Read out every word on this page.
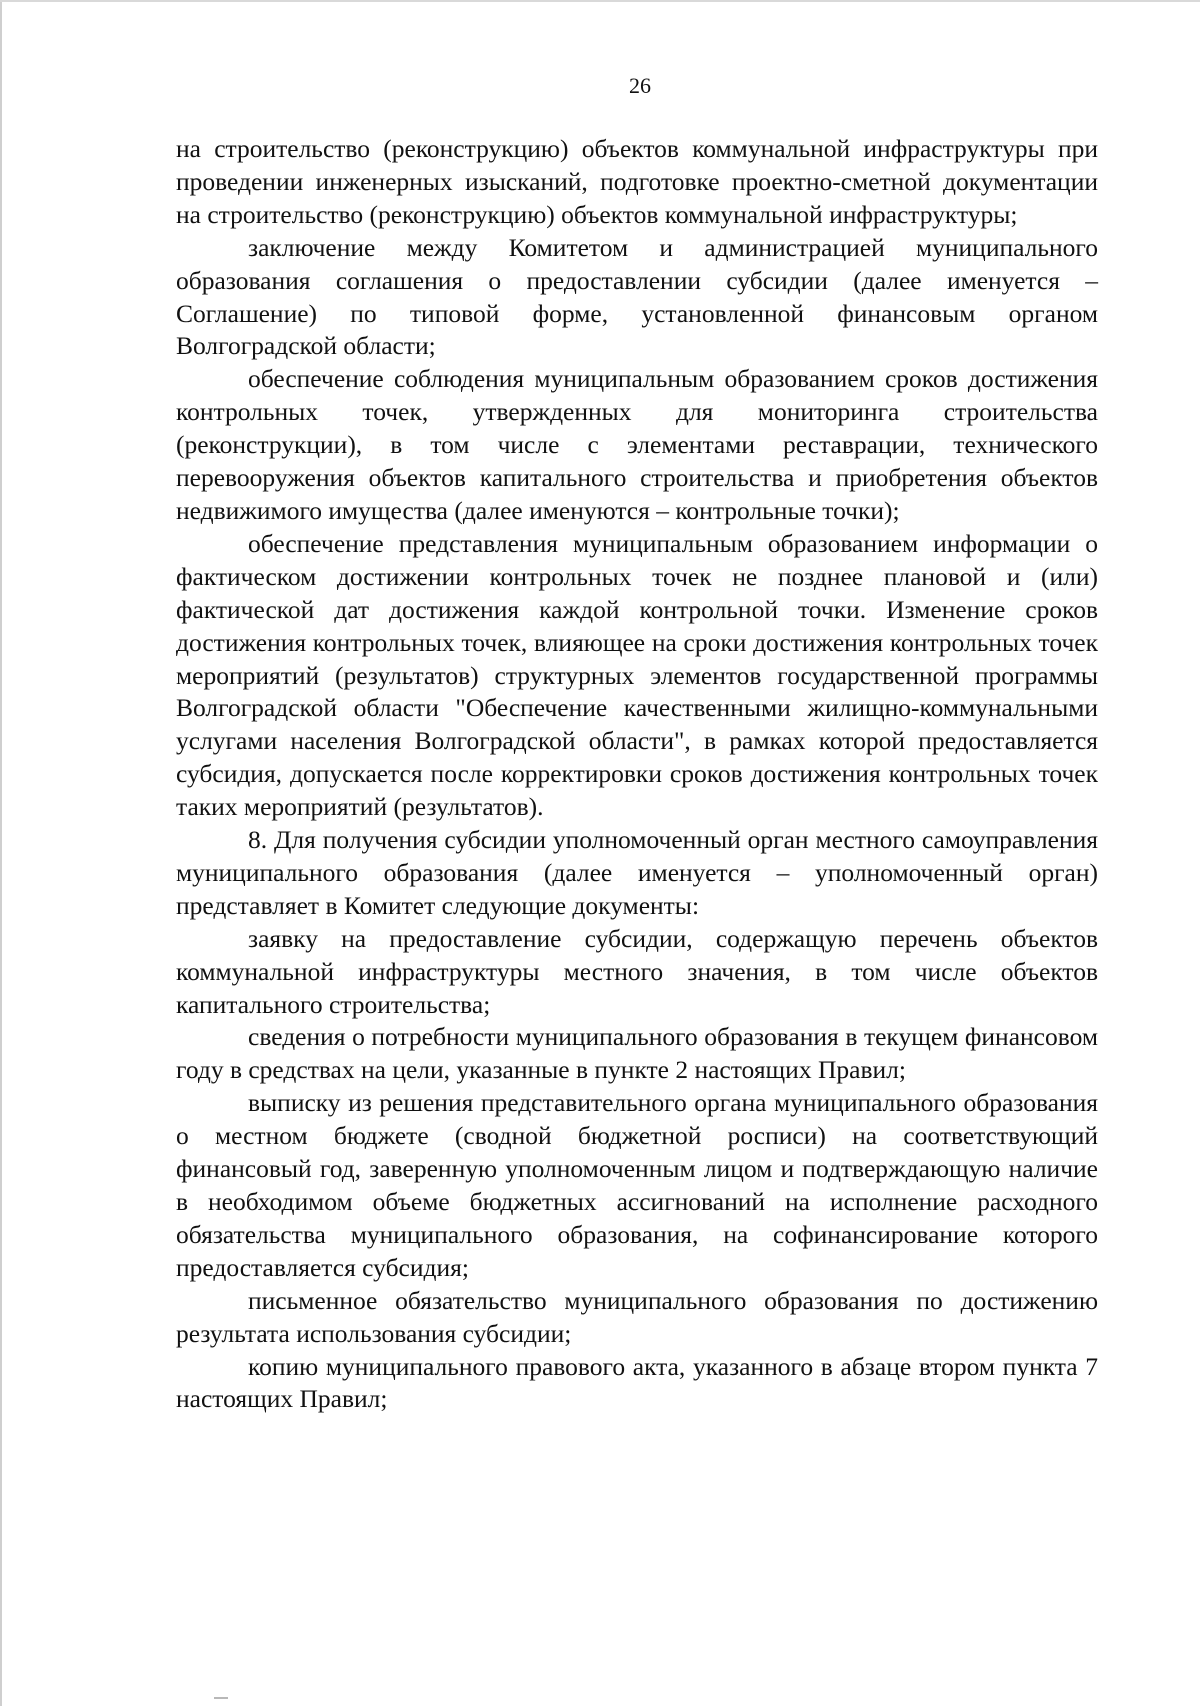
26

на строительство (реконструкцию) объектов коммунальной инфраструктуры при проведении инженерных изысканий, подготовке проектно-сметной документации на строительство (реконструкцию) объектов коммунальной инфраструктуры;

заключение между Комитетом и администрацией муниципального образования соглашения о предоставлении субсидии (далее именуется – Соглашение) по типовой форме, установленной финансовым органом Волгоградской области;

обеспечение соблюдения муниципальным образованием сроков достижения контрольных точек, утвержденных для мониторинга строительства (реконструкции), в том числе с элементами реставрации, технического перевооружения объектов капитального строительства и приобретения объектов недвижимого имущества (далее именуются – контрольные точки);

обеспечение представления муниципальным образованием информации о фактическом достижении контрольных точек не позднее плановой и (или) фактической дат достижения каждой контрольной точки. Изменение сроков достижения контрольных точек, влияющее на сроки достижения контрольных точек мероприятий (результатов) структурных элементов государственной программы Волгоградской области "Обеспечение качественными жилищно-коммунальными услугами населения Волгоградской области", в рамках которой предоставляется субсидия, допускается после корректировки сроков достижения контрольных точек таких мероприятий (результатов).

8. Для получения субсидии уполномоченный орган местного самоуправления муниципального образования (далее именуется – уполномоченный орган) представляет в Комитет следующие документы:

заявку на предоставление субсидии, содержащую перечень объектов коммунальной инфраструктуры местного значения, в том числе объектов капитального строительства;

сведения о потребности муниципального образования в текущем финансовом году в средствах на цели, указанные в пункте 2 настоящих Правил;

выписку из решения представительного органа муниципального образования о местном бюджете (сводной бюджетной росписи) на соответствующий финансовый год, заверенную уполномоченным лицом и подтверждающую наличие в необходимом объеме бюджетных ассигнований на исполнение расходного обязательства муниципального образования, на софинансирование которого предоставляется субсидия;

письменное обязательство муниципального образования по достижению результата использования субсидии;

копию муниципального правового акта, указанного в абзаце втором пункта 7 настоящих Правил;
